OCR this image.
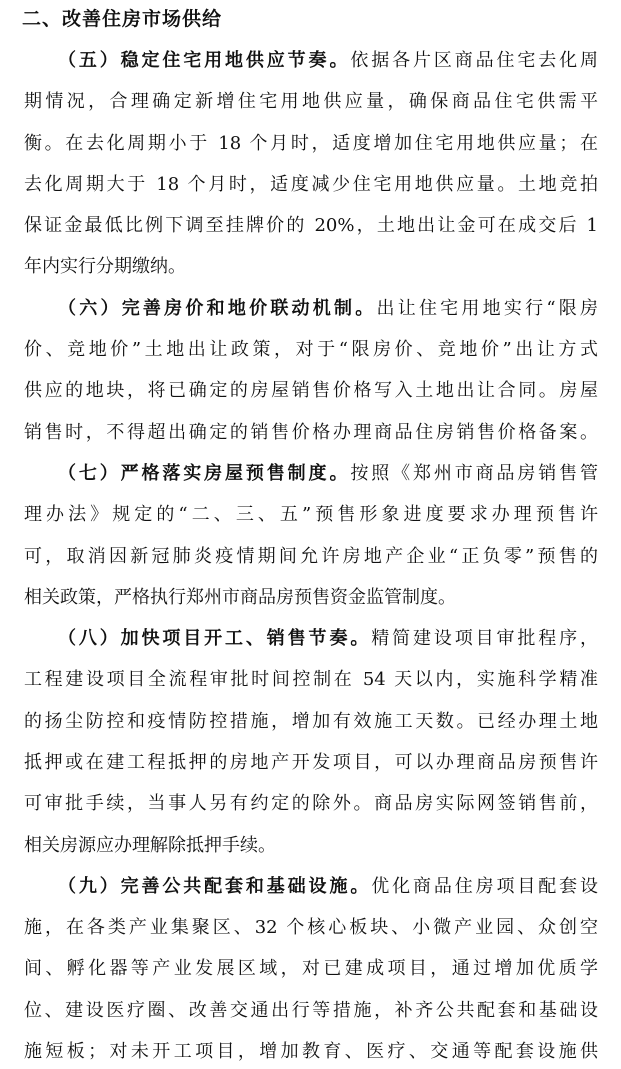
二、改善住房市场供给
（五）稳定住宅用地供应节奏。依据各片区商品住宅去化周
期情况，合理确定新增住宅用地供应量，确保商品住宅供需平
衡。在去化周期小于 18 个月时，适度增加住宅用地供应量；在
去化周期大于 18 个月时，适度减少住宅用地供应量。土地竞拍
保证金最低比例下调至挂牌价的 20%，土地出让金可在成交后 1
年内实行分期缴纳。
（六）完善房价和地价联动机制。出让住宅用地实行“限房
价、竞地价”土地出让政策，对于“限房价、竞地价”出让方式
供应的地块，将已确定的房屋销售价格写入土地出让合同。房屋
销售时，不得超出确定的销售价格办理商品住房销售价格备案。
（七）严格落实房屋预售制度。按照《郑州市商品房销售管
理办法》规定的“二、三、五”预售形象进度要求办理预售许
可，取消因新冠肺炎疫情期间允许房地产企业“正负零”预售的
相关政策，严格执行郑州市商品房预售资金监管制度。
（八）加快项目开工、销售节奏。精简建设项目审批程序，
工程建设项目全流程审批时间控制在 54 天以内，实施科学精准
的扬尘防控和疫情防控措施，增加有效施工天数。已经办理土地
抵押或在建工程抵押的房地产开发项目，可以办理商品房预售许
可审批手续，当事人另有约定的除外。商品房实际网签销售前，
相关房源应办理解除抵押手续。
（九）完善公共配套和基础设施。优化商品住房项目配套设
施，在各类产业集聚区、32 个核心板块、小微产业园、众创空
间、孵化器等产业发展区域，对已建成项目，通过增加优质学
位、建设医疗圈、改善交通出行等措施，补齐公共配套和基础设
施短板；对未开工项目，增加教育、医疗、交通等配套设施供
